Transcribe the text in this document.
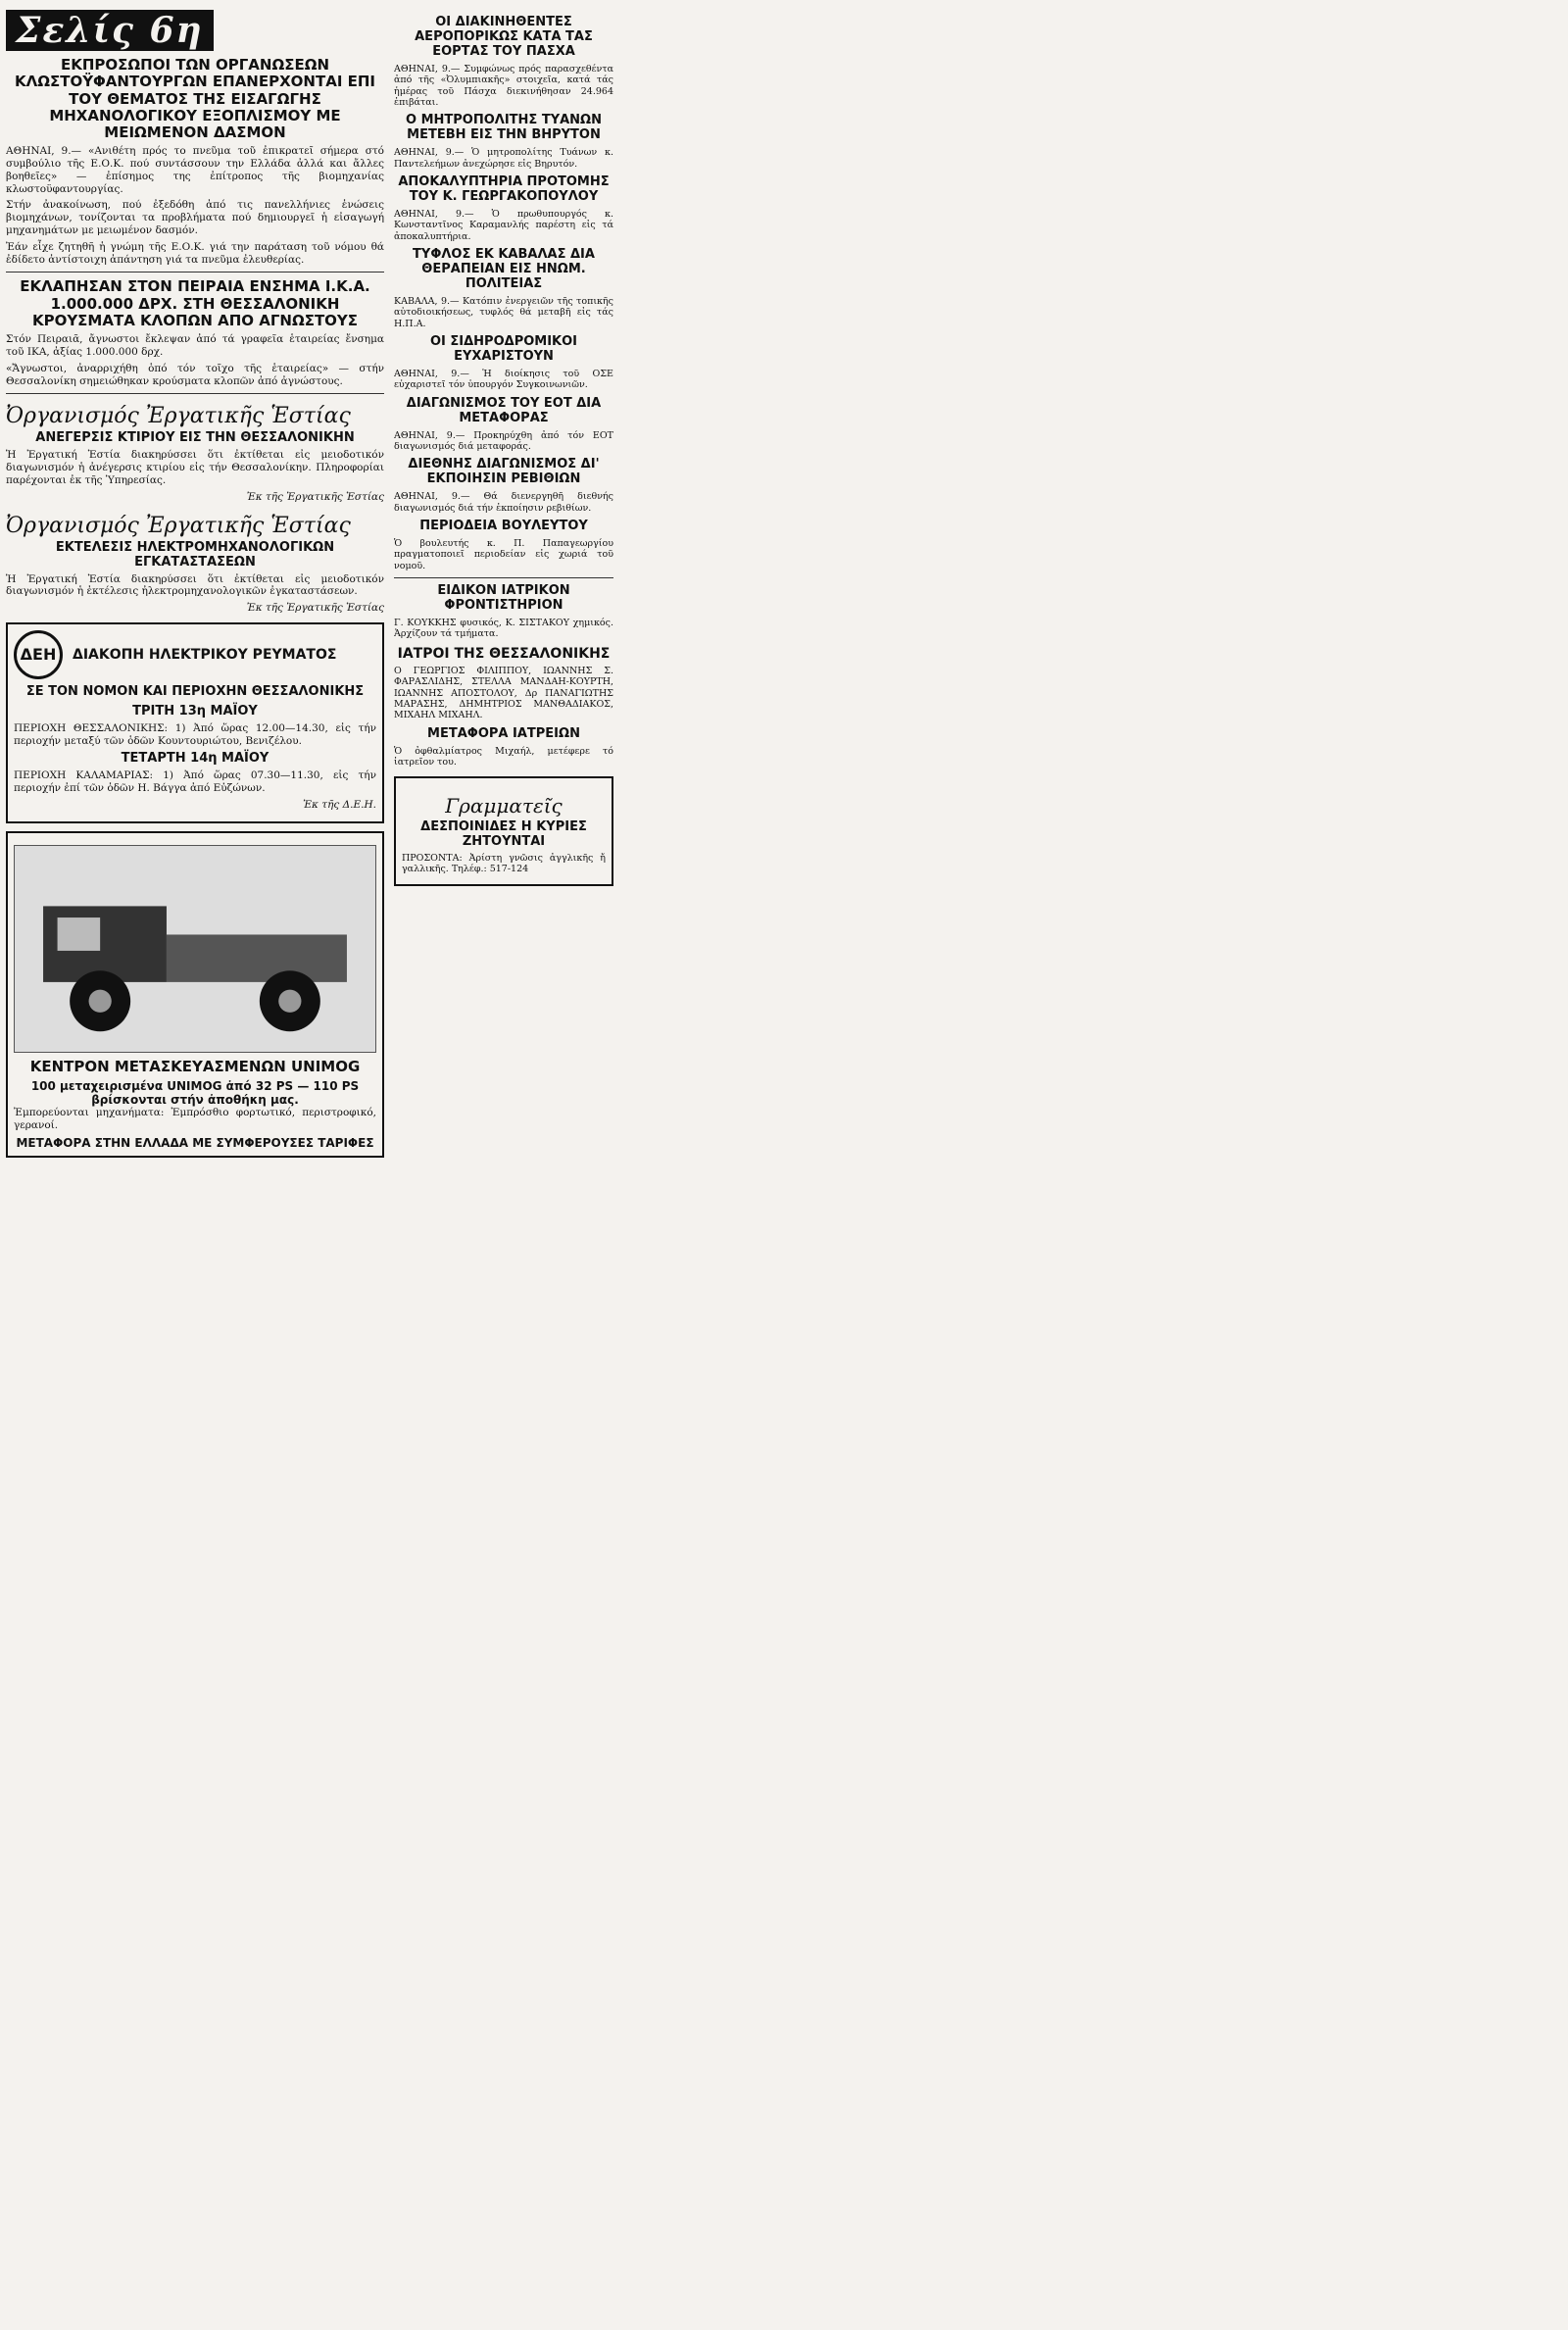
Σελίς 6η
ΕΚΠΡΟΣΩΠΟΙ ΤΩΝ ΟΡΓΑΝΩΣΕΩΝ ΚΛΩΣΤΟΫΦΑΝΤΟΥΡΓΩΝ ΕΠΑΝΕΡΧΟΝΤΑΙ ΕΠΙ ΤΟΥ ΘΕΜΑΤΟΣ ΤΗΣ ΕΙΣΑΓΩΓΗΣ ΜΗΧΑΝΟΛΟΓΙΚΟΥ ΕΞΟΠΛΙΣΜΟΥ ΜΕ ΜΕΙΩΜΕΝΟΝ ΔΑΣΜΟΝ

ΑΘΗΝΑΙ, 9.— «Ανιθέτη πρός το πνεῦμα τοῦ ἐπικρατεῖ σήμερα στό συμβούλιο τῆς Ε.Ο.Κ. πού συντάσσουν την Ελλάδα ἀλλά και ἄλλες βοηθεῖες» — ἐπίσημος της ἐπίτροπος τῆς βιομηχανίας κλωστοϋφαντουργίας.

Στήν ἀνακοίνωση, πού ἐξεδόθη ἀπό τις πανελλήνιες ἑνώσεις βιομηχάνων, τονίζονται τα προβλήματα πού δημιουργεῖ ἡ εἰσαγωγή μηχανημάτων με μειωμένον δασμόν.

Ἐάν εἶχε ζητηθῆ ἡ γνώμη τῆς Ε.Ο.Κ. γιά την παράταση τοῦ νόμου θά ἐδίδετο ἀντίστοιχη ἀπάντηση γιά τα πνεῦμα ἐλευθερίας.

ΕΚΛΑΠΗΣΑΝ ΣΤΟΝ ΠΕΙΡΑΙΑ ΕΝΣΗΜΑ Ι.Κ.Α. 1.000.000 ΔΡΧ. ΣΤΗ ΘΕΣΣΑΛΟΝΙΚΗ ΚΡΟΥΣΜΑΤΑ ΚΛΟΠΩΝ ΑΠΟ ΑΓΝΩΣΤΟΥΣ

Στόν Πειραιᾶ, ἄγνωστοι ἔκλεψαν ἀπό τά γραφεῖα ἑταιρείας ἔνσημα τοῦ ΙΚΑ, ἀξίας 1.000.000 δρχ.

«Ἄγνωστοι, ἀναρριχήθη ὁπό τόν τοῖχο τῆς ἑταιρείας» — στήν Θεσσαλονίκη σημειώθηκαν κρούσματα κλοπῶν ἀπό ἀγνώστους.

Ὀργανισμός Ἐργατικῆς Ἑστίας
ΑΝΕΓΕΡΣΙΣ ΚΤΙΡΙΟΥ ΕΙΣ ΤΗΝ ΘΕΣΣΑΛΟΝΙΚΗΝ

Ἡ Ἐργατική Ἑστία διακηρύσσει ὅτι ἐκτίθεται εἰς μειοδοτικόν διαγωνισμόν ἡ ἀνέγερσις κτιρίου εἰς τήν Θεσσαλονίκην. Πληροφορίαι παρέχονται ἐκ τῆς Ὑπηρεσίας.

Ἐκ τῆς Ἐργατικῆς Ἑστίας

Ὀργανισμός Ἐργατικῆς Ἑστίας
ΕΚΤΕΛΕΣΙΣ ΗΛΕΚΤΡΟΜΗΧΑΝΟΛΟΓΙΚΩΝ ΕΓΚΑΤΑΣΤΑΣΕΩΝ

Ἡ Ἐργατική Ἑστία διακηρύσσει ὅτι ἐκτίθεται εἰς μειοδοτικόν διαγωνισμόν ἡ ἐκτέλεσις ἠλεκτρομηχανολογικῶν ἐγκαταστάσεων.

Ἐκ τῆς Ἐργατικῆς Ἑστίας

ΔΕΗ	ΔΙΑΚΟΠΗ ΗΛΕΚΤΡΙΚΟΥ ΡΕΥΜΑΤΟΣ
ΣΕ ΤΟΝ ΝΟΜΟΝ ΚΑΙ ΠΕΡΙΟΧΗΝ ΘΕΣΣΑΛΟΝΙΚΗΣ
ΤΡΙΤΗ 13η ΜΑΪΟΥ

ΠΕΡΙΟΧΗ ΘΕΣΣΑΛΟΝΙΚΗΣ: 1) Ἀπό ὥρας 12.00—14.30, εἰς τήν περιοχήν μεταξύ τῶν ὁδῶν Κουντουριώτου, Βενιζέλου.

ΤΕΤΑΡΤΗ 14η ΜΑΪΟΥ

ΠΕΡΙΟΧΗ ΚΑΛΑΜΑΡΙΑΣ: 1) Ἀπό ὥρας 07.30—11.30, εἰς τήν περιοχήν ἐπί τῶν ὁδῶν Η. Βάγγα ἀπό Εὐζώνων.

Ἐκ τῆς Δ.Ε.Η.

ΚΕΝΤΡΟΝ ΜΕΤΑΣΚΕΥΑΣΜΕΝΩΝ UNIMOG
100 μεταχειρισμένα UNIMOG ἀπό 32 PS — 110 PS βρίσκονται στήν ἀποθήκη μας.

Ἐμπορεύονται μηχανήματα: Ἐμπρόσθιο φορτωτικό, περιστροφικό, γερανοί.

ΜΕΤΑΦΟΡΑ ΣΤΗΝ ΕΛΛΑΔΑ ΜΕ ΣΥΜΦΕΡΟΥΣΕΣ ΤΑΡΙΦΕΣ
ΟΙ ΔΙΑΚΙΝΗΘΕΝΤΕΣ ΑΕΡΟΠΟΡΙΚΩΣ ΚΑΤΑ ΤΑΣ ΕΟΡΤΑΣ ΤΟΥ ΠΑΣΧΑ

ΑΘΗΝΑΙ, 9.— Συμφώνως πρός παρασχεθέντα ἀπό τῆς «Ὀλυμπιακῆς» στοιχεῖα, κατά τάς ἡμέρας τοῦ Πάσχα διεκινήθησαν 24.964 ἐπιβάται.

Ο ΜΗΤΡΟΠΟΛΙΤΗΣ ΤΥΑΝΩΝ ΜΕΤΕΒΗ ΕΙΣ ΤΗΝ ΒΗΡΥΤΟΝ

ΑΘΗΝΑΙ, 9.— Ὁ μητροπολίτης Τυάνων κ. Παντελεήμων ἀνεχώρησε εἰς Βηρυτόν.

ΑΠΟΚΑΛΥΠΤΗΡΙΑ ΠΡΟΤΟΜΗΣ ΤΟΥ Κ. ΓΕΩΡΓΑΚΟΠΟΥΛΟΥ

ΑΘΗΝΑΙ, 9.— Ὁ πρωθυπουργός κ. Κωνσταντῖνος Καραμανλής παρέστη εἰς τά ἀποκαλυπτήρια.

ΤΥΦΛΟΣ ΕΚ ΚΑΒΑΛΑΣ ΔΙΑ ΘΕΡΑΠΕΙΑΝ ΕΙΣ ΗΝΩΜ. ΠΟΛΙΤΕΙΑΣ

ΚΑΒΑΛΑ, 9.— Κατόπιν ἐνεργειῶν τῆς τοπικῆς αὐτοδιοικήσεως, τυφλός θά μεταβῆ εἰς τάς Η.Π.Α.

ΟΙ ΣΙΔΗΡΟΔΡΟΜΙΚΟΙ ΕΥΧΑΡΙΣΤΟΥΝ

ΑΘΗΝΑΙ, 9.— Ἡ διοίκησις τοῦ ΟΣΕ εὐχαριστεῖ τόν ὑπουργόν Συγκοινωνιῶν.

ΔΙΑΓΩΝΙΣΜΟΣ ΤΟΥ ΕΟΤ ΔΙΑ ΜΕΤΑΦΟΡΑΣ

ΑΘΗΝΑΙ, 9.— Προκηρύχθη ἀπό τόν ΕΟΤ διαγωνισμός διά μεταφοράς.

ΔΙΕΘΝΗΣ ΔΙΑΓΩΝΙΣΜΟΣ ΔΙ' ΕΚΠΟΙΗΣΙΝ ΡΕΒΙΘΙΩΝ

ΑΘΗΝΑΙ, 9.— Θά διενεργηθῆ διεθνής διαγωνισμός διά τήν ἐκποίησιν ρεβιθίων.

ΠΕΡΙΟΔΕΙΑ ΒΟΥΛΕΥΤΟΥ

Ὁ βουλευτής κ. Π. Παπαγεωργίου πραγματοποιεῖ περιοδείαν εἰς χωριά τοῦ νομοῦ.

ΕΙΔΙΚΟΝ ΙΑΤΡΙΚΟΝ ΦΡΟΝΤΙΣΤΗΡΙΟΝ

Γ. ΚΟΥΚΚΗΣ φυσικός, Κ. ΣΙΣΤΑΚΟΥ χημικός. Ἀρχίζουν τά τμήματα.

ΙΑΤΡΟΙ ΤΗΣ ΘΕΣΣΑΛΟΝΙΚΗΣ

Ο ΓΕΩΡΓΙΟΣ ΦΙΛΙΠΠΟΥ, ΙΩΑΝΝΗΣ Σ. ΦΑΡΑΣΛΙΔΗΣ, ΣΤΕΛΛΑ ΜΑΝΔΑΗ-ΚΟΥΡΤΗ, ΙΩΑΝΝΗΣ ΑΠΟΣΤΟΛΟΥ, Δρ ΠΑΝΑΓΙΩΤΗΣ ΜΑΡΑΣΗΣ, ΔΗΜΗΤΡΙΟΣ ΜΑΝΘΑΔΙΑΚΟΣ, ΜΙΧΑΗΛ ΜΙΧΑΗΛ.

ΜΕΤΑΦΟΡΑ ΙΑΤΡΕΙΩΝ

Ὁ ὀφθαλμίατρος Μιχαήλ, μετέφερε τό ἰατρεῖον του.

Γραμματεῖς
ΔΕΣΠΟΙΝΙΔΕΣ Η ΚΥΡΙΕΣ ΖΗΤΟΥΝΤΑΙ

ΠΡΟΣΟΝΤΑ: Ἀρίστη γνῶσις ἀγγλικῆς ἤ γαλλικῆς. Τηλέφ.: 517-124
